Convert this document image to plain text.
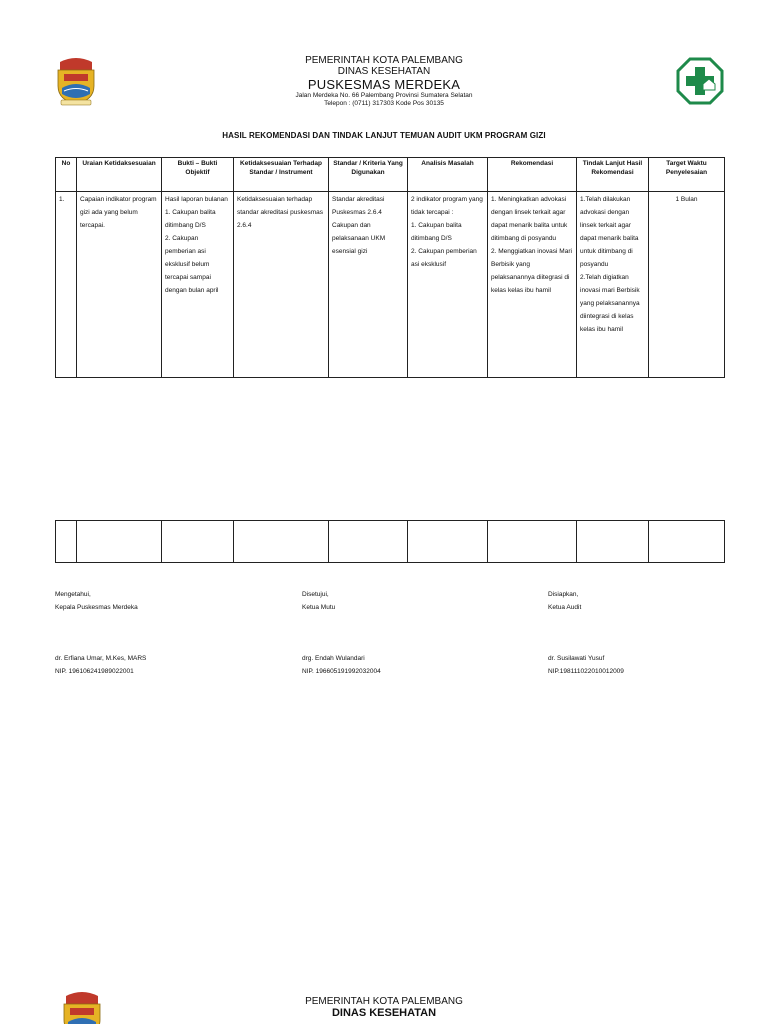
PEMERINTAH KOTA PALEMBANG
DINAS KESEHATAN
PUSKESMAS MERDEKA
Jalan Merdeka No. 66 Palembang Provinsi Sumatera Selatan
Telepon : (0711) 317303 Kode Pos 30135
HASIL REKOMENDASI DAN TINDAK LANJUT TEMUAN AUDIT UKM PROGRAM GIZI
No	Uraian Ketidaksesuaian	Bukti – Bukti Objektif	Ketidaksesuaian Terhadap Standar / Instrument	Standar / Kriteria Yang Digunakan	Analisis Masalah	Rekomendasi	Tindak Lanjut Hasil Rekomendasi	Target Waktu Penyelesaian
1.	Capaian indikator program gizi ada yang belum tercapai.	Hasil laporan bulanan
1. Cakupan balita ditimbang D/S
2. Cakupan pemberian asi eksklusif belum tercapai sampai dengan bulan april	Ketidaksesuaian terhadap standar akreditasi puskesmas 2.6.4	Standar akreditasi Puskesmas 2.6.4 Cakupan dan pelaksanaan UKM esensial gizi	2 indikator program yang tidak tercapai :
1. Cakupan balita ditimbang D/S
2. Cakupan pemberian asi eksklusif	1. Meningkatkan advokasi dengan linsek terkait agar dapat menarik balita untuk ditimbang di posyandu
2. Menggiatkan inovasi Mari Berbisik yang pelaksanannya diitegrasi di kelas kelas ibu hamil	1.Telah dilakukan advokasi dengan linsek terkait agar dapat menarik balita untuk ditimbang di posyandu
2.Telah digiatkan inovasi mari Berbisik yang pelaksanannya diintegrasi di kelas kelas ibu hamil	1 Bulan

Mengetahui,
Kepala Puskesmas Merdeka
dr. Erfiana Umar, M.Kes, MARS
NIP. 196106241989022001
Disetujui,
Ketua Mutu
drg. Endah Wulandari
NIP. 196605191992032004
Disiapkan,
Ketua Audit
dr. Susilawati Yusuf
NIP.198111022010012009
PEMERINTAH KOTA PALEMBANG
DINAS KESEHATAN
